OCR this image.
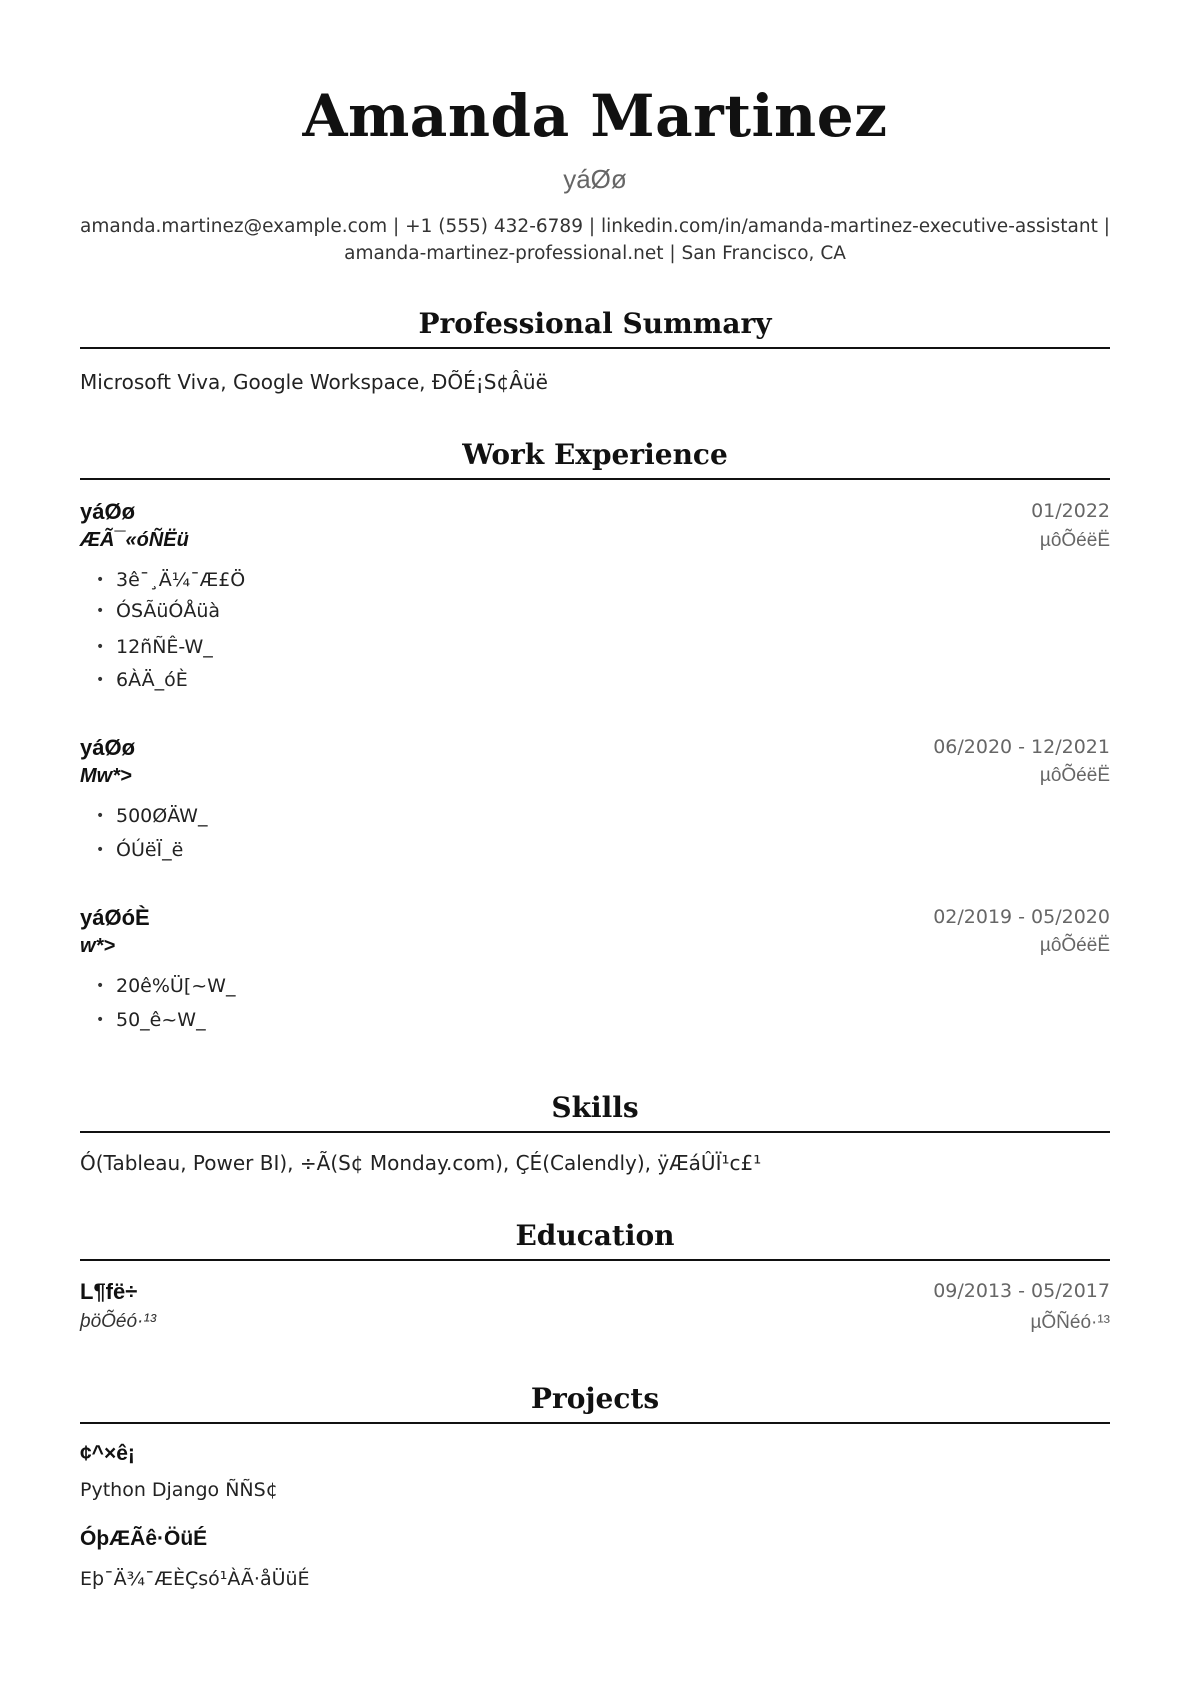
Amanda Martinez
yáØø
amanda.martinez@example.com | +1 (555) 432-6789 | linkedin.com/in/amanda-martinez-executive-assistant |
amanda-martinez-professional.net | San Francisco, CA
Professional Summary
Microsoft Viva, Google Workspace, ÐÕÉ¡S¢Âüë
Work Experience
yáØø	01/2022
ÆÃ¯«óÑËü	µôÕéëË
• 3ê¯¸Ä¼¯Æ£Ö
• ÓSÃüÓÅüà
• 12ñÑÊ-W_
• 6ÀÄ_óÈ
yáØø	06/2020 - 12/2021
Mw*>	µôÕéëË
• 500ØÄW_
• ÓÚëÏ_ë
yáØóÈ	02/2019 - 05/2020
w*>	µôÕéëË
• 20ê%Ü[~W_
• 50_ê~W_
Skills
Ó(Tableau, Power BI), ÷Ã(S¢ Monday.com), ÇÉ(Calendly), ÿÆáÛÏ¹c£¹
Education
L¶fë÷	09/2013 - 05/2017
þöÕéó·¹³	µÕÑéó·¹³
Projects
¢^×ê¡
Python Django ÑÑS¢
ÓþÆÃê·ÖüÉ
Eþ¯Ä¾¯ÆÈÇsó¹ÀÃ·åÜüÉ
